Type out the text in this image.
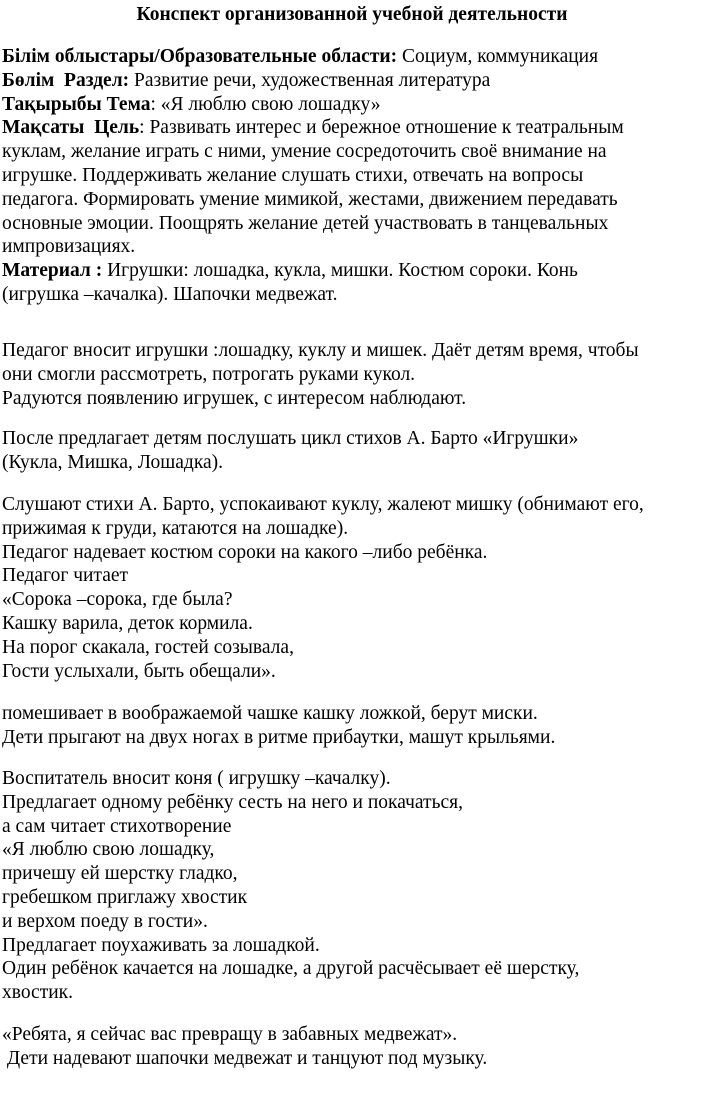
Конспект организованной учебной деятельности
Білім облыстары/Образовательные области: Социум, коммуникация
Бөлім Раздел: Развитие речи, художественная литература
Тақырыбы Тема: «Я люблю свою лошадку»
Мақсаты Цель: Развивать интерес и бережное отношение к театральным
куклам, желание играть с ними, умение сосредоточить своё внимание на
игрушке. Поддерживать желание слушать стихи, отвечать на вопросы
педагога. Формировать умение мимикой, жестами, движением передавать
основные эмоции. Поощрять желание детей участвовать в танцевальных
импровизациях.
Материал : Игрушки: лошадка, кукла, мишки. Костюм сороки. Конь
(игрушка –качалка). Шапочки медвежат.
Педагог вносит игрушки :лошадку, куклу и мишек. Даёт детям время, чтобы
они смогли рассмотреть, потрогать руками кукол.
Радуются появлению игрушек, с интересом наблюдают.
После предлагает детям послушать цикл стихов А. Барто «Игрушки»
(Кукла, Мишка, Лошадка).
Слушают стихи А. Барто, успокаивают куклу, жалеют мишку (обнимают его,
прижимая к груди, катаются на лошадке).
Педагог надевает костюм сороки на какого –либо ребёнка.
Педагог читает
«Сорока –сорока, где была?
Кашку варила, деток кормила.
На порог скакала, гостей созывала,
Гости услыхали, быть обещали».
помешивает в воображаемой чашке кашку ложкой, берут миски.
Дети прыгают на двух ногах в ритме прибаутки, машут крыльями.
Воспитатель вносит коня ( игрушку –качалку).
Предлагает одному ребёнку сесть на него и покачаться,
а сам читает стихотворение
«Я люблю свою лошадку,
причешу ей шерстку гладко,
гребешком приглажу хвостик
и верхом поеду в гости».
Предлагает поухаживать за лошадкой.
Один ребёнок качается на лошадке, а другой расчёсывает её шерстку,
хвостик.
«Ребята, я сейчас вас превращу в забавных медвежат».
Дети надевают шапочки медвежат и танцуют под музыку.
